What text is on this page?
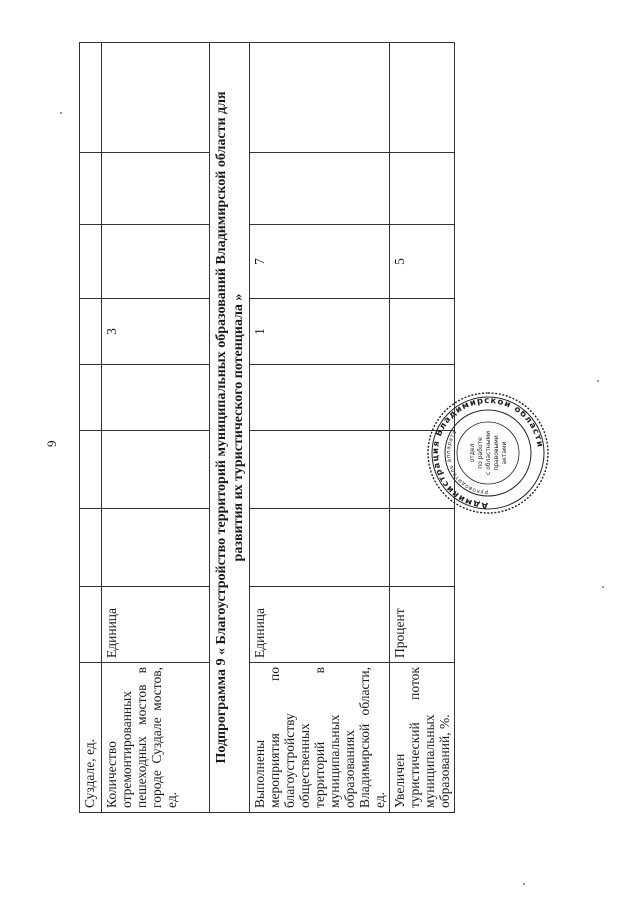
9
Суздале, ед.								
Количество отремонтированных пешеходных мостов в городе Суздале мостов, ед.	Единица				3			

Подпрограмма 9 « Благоустройство территорий муниципальных образований Владимирской области для развития их туристического потенциала »								

Выполнены мероприятия по благоустройству общественных территорий в муниципальных образованиях Владимирской области, ед.	Единица				1	7		
Увеличен туристический поток муниципальных образований, %.	Процент					5		
Администрация Владимирской области
руководитель аппарата
отдел по работе с областными правовыми актами
